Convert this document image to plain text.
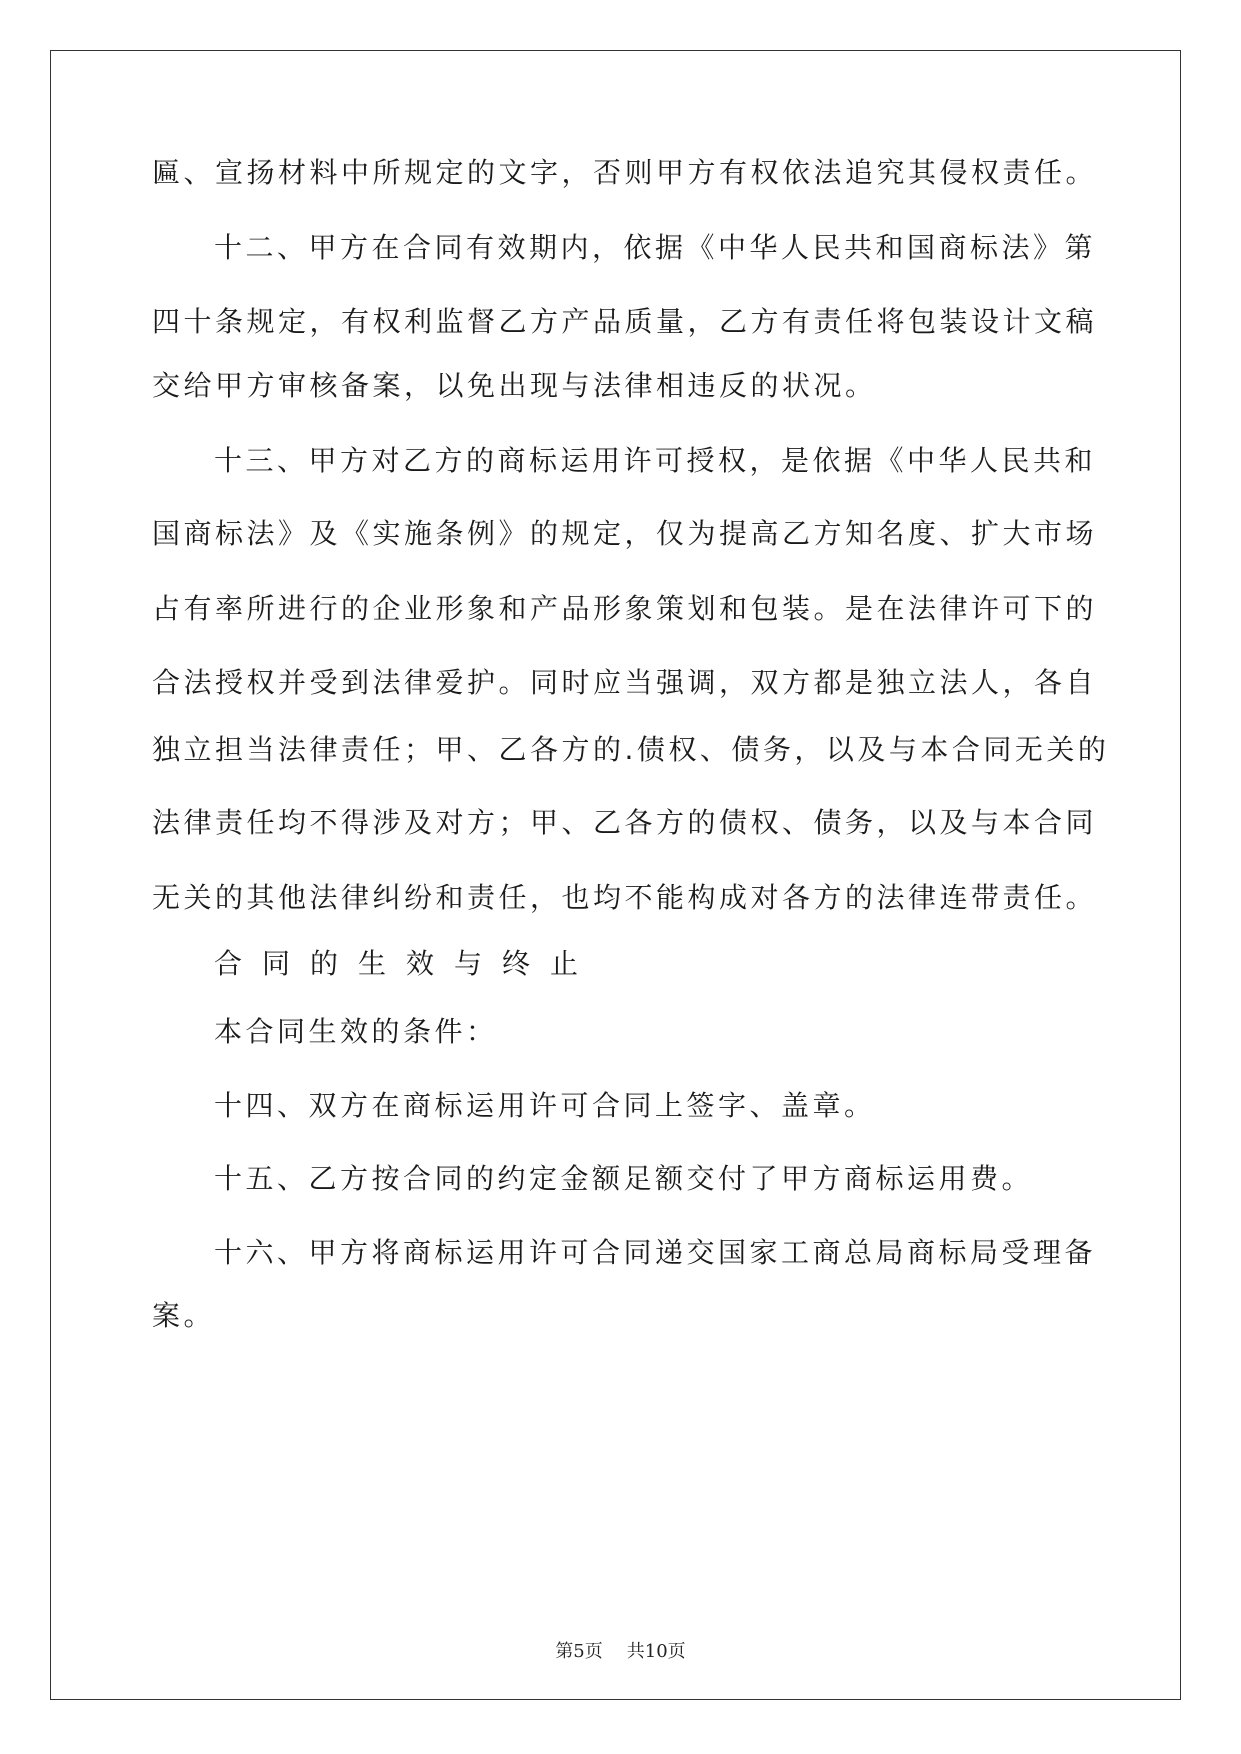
匾、宣扬材料中所规定的文字，否则甲方有权依法追究其侵权责任。
十二、甲方在合同有效期内，依据《中华人民共和国商标法》第
四十条规定，有权利监督乙方产品质量，乙方有责任将包装设计文稿
交给甲方审核备案，以免出现与法律相违反的状况。
十三、甲方对乙方的商标运用许可授权，是依据《中华人民共和
国商标法》及《实施条例》的规定，仅为提高乙方知名度、扩大市场
占有率所进行的企业形象和产品形象策划和包装。是在法律许可下的
合法授权并受到法律爱护。同时应当强调，双方都是独立法人，各自
独立担当法律责任；甲、乙各方的.债权、债务，以及与本合同无关的
法律责任均不得涉及对方；甲、乙各方的债权、债务，以及与本合同
无关的其他法律纠纷和责任，也均不能构成对各方的法律连带责任。
合同的生效与终止
本合同生效的条件：
十四、双方在商标运用许可合同上签字、盖章。
十五、乙方按合同的约定金额足额交付了甲方商标运用费。
十六、甲方将商标运用许可合同递交国家工商总局商标局受理备
案。
第5页 共10页
